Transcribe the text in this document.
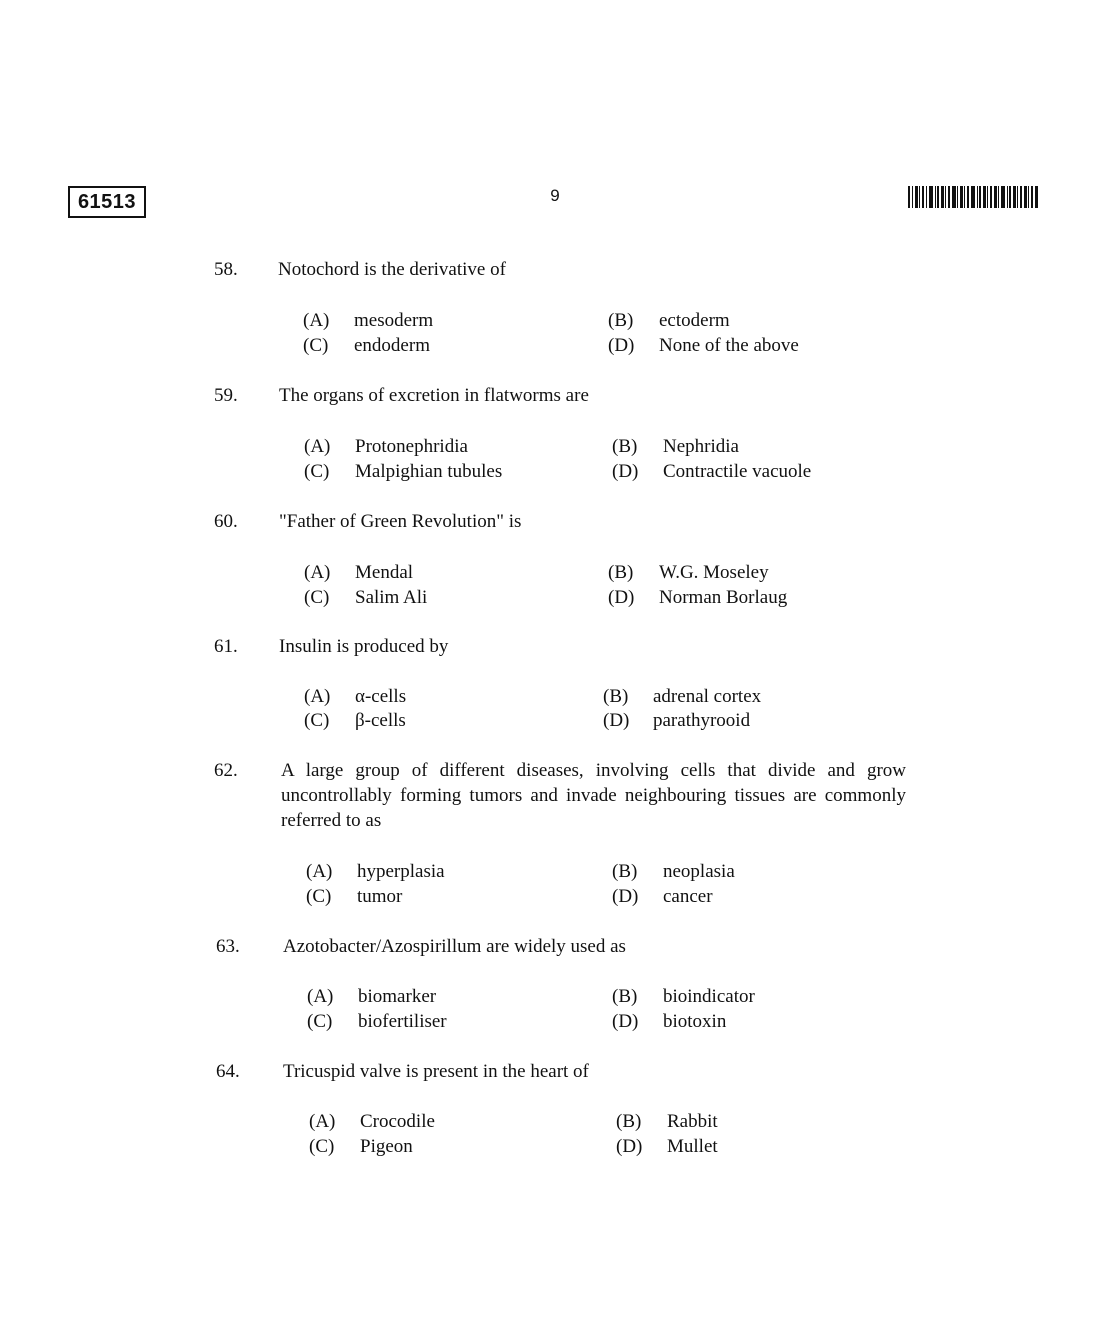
61513	9
58. Notochord is the derivative of
(A) mesoderm	(B) ectoderm
(C) endoderm	(D) None of the above
59. The organs of excretion in flatworms are
(A) Protonephridia	(B) Nephridia
(C) Malpighian tubules	(D) Contractile vacuole
60. "Father of Green Revolution" is
(A) Mendal	(B) W.G. Moseley
(C) Salim Ali	(D) Norman Borlaug
61. Insulin is produced by
(A) α-cells	(B) adrenal cortex
(C) β-cells	(D) parathyrooid
62. A large group of different diseases, involving cells that divide and grow uncontrollably forming tumors and invade neighbouring tissues are commonly referred to as
(A) hyperplasia	(B) neoplasia
(C) tumor	(D) cancer
63. Azotobacter/Azospirillum are widely used as
(A) biomarker	(B) bioindicator
(C) biofertiliser	(D) biotoxin
64. Tricuspid valve is present in the heart of
(A) Crocodile	(B) Rabbit
(C) Pigeon	(D) Mullet
